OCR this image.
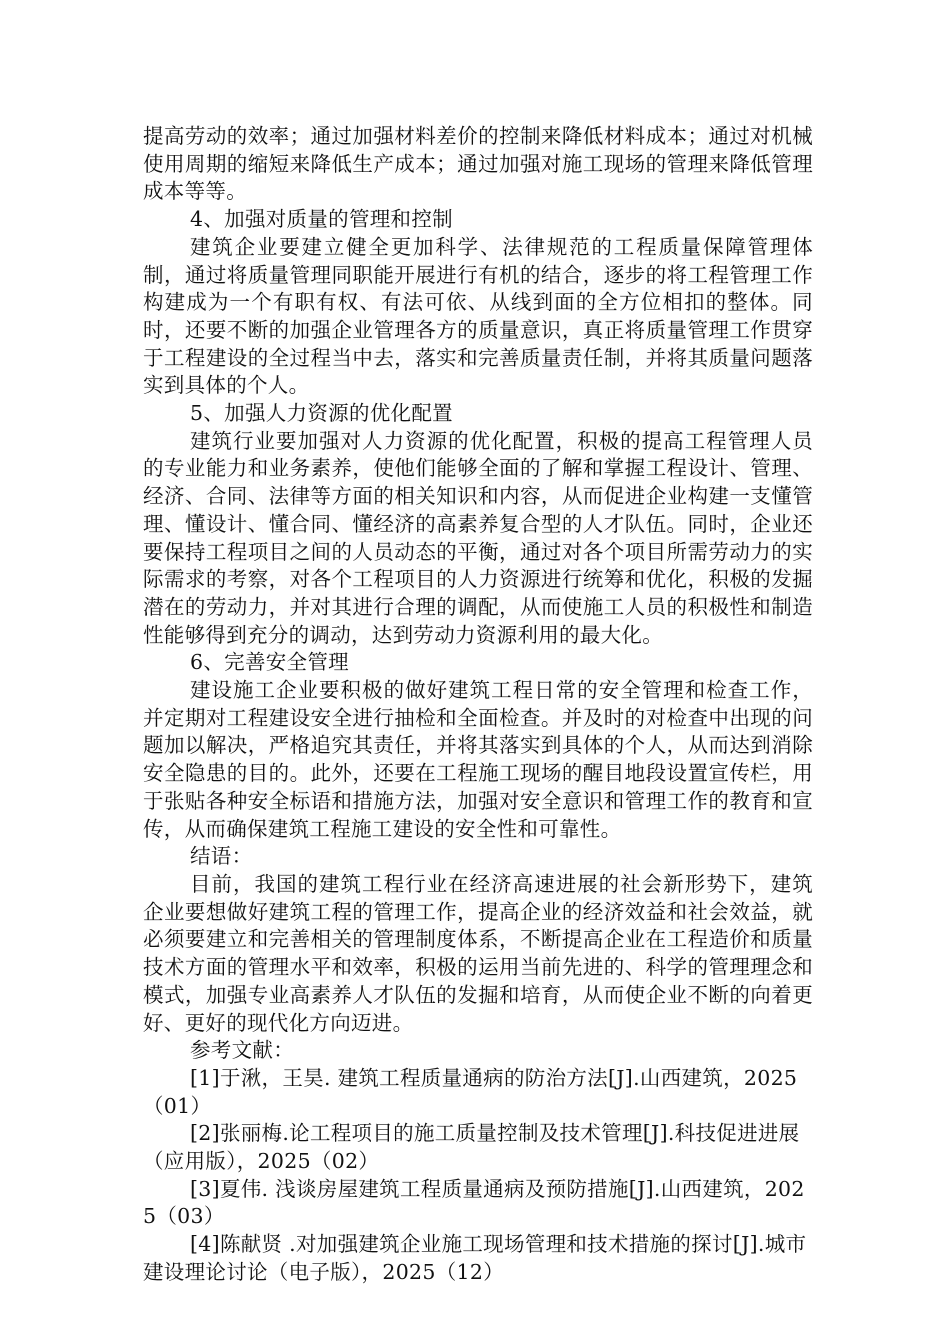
提高劳动的效率；通过加强材料差价的控制来降低材料成本；通过对机械使用周期的缩短来降低生产成本；通过加强对施工现场的管理来降低管理成本等等。

4、加强对质量的管理和控制

建筑企业要建立健全更加科学、法律规范的工程质量保障管理体制，通过将质量管理同职能开展进行有机的结合，逐步的将工程管理工作构建成为一个有职有权、有法可依、从线到面的全方位相扣的整体。同时，还要不断的加强企业管理各方的质量意识，真正将质量管理工作贯穿于工程建设的全过程当中去，落实和完善质量责任制，并将其质量问题落实到具体的个人。

5、加强人力资源的优化配置

建筑行业要加强对人力资源的优化配置，积极的提高工程管理人员的专业能力和业务素养，使他们能够全面的了解和掌握工程设计、管理、经济、合同、法律等方面的相关知识和内容，从而促进企业构建一支懂管理、懂设计、懂合同、懂经济的高素养复合型的人才队伍。同时，企业还要保持工程项目之间的人员动态的平衡，通过对各个项目所需劳动力的实际需求的考察，对各个工程项目的人力资源进行统筹和优化，积极的发掘潜在的劳动力，并对其进行合理的调配，从而使施工人员的积极性和制造性能够得到充分的调动，达到劳动力资源利用的最大化。

6、完善安全管理

建设施工企业要积极的做好建筑工程日常的安全管理和检查工作，并定期对工程建设安全进行抽检和全面检查。并及时的对检查中出现的问题加以解决，严格追究其责任，并将其落实到具体的个人，从而达到消除安全隐患的目的。此外，还要在工程施工现场的醒目地段设置宣传栏，用于张贴各种安全标语和措施方法，加强对安全意识和管理工作的教育和宣传，从而确保建筑工程施工建设的安全性和可靠性。

结语：

目前，我国的建筑工程行业在经济高速进展的社会新形势下，建筑企业要想做好建筑工程的管理工作，提高企业的经济效益和社会效益，就必须要建立和完善相关的管理制度体系，不断提高企业在工程造价和质量技术方面的管理水平和效率，积极的运用当前先进的、科学的管理理念和模式，加强专业高素养人才队伍的发掘和培育，从而使企业不断的向着更好、更好的现代化方向迈进。

参考文献：

[1]于湫，王昊. 建筑工程质量通病的防治方法[J].山西建筑，2025（01）

[2]张丽梅.论工程项目的施工质量控制及技术管理[J].科技促进进展（应用版），2025（02）

[3]夏伟. 浅谈房屋建筑工程质量通病及预防措施[J].山西建筑，2025（03）

[4]陈献贤 .对加强建筑企业施工现场管理和技术措施的探讨[J].城市建设理论讨论（电子版），2025（12）
